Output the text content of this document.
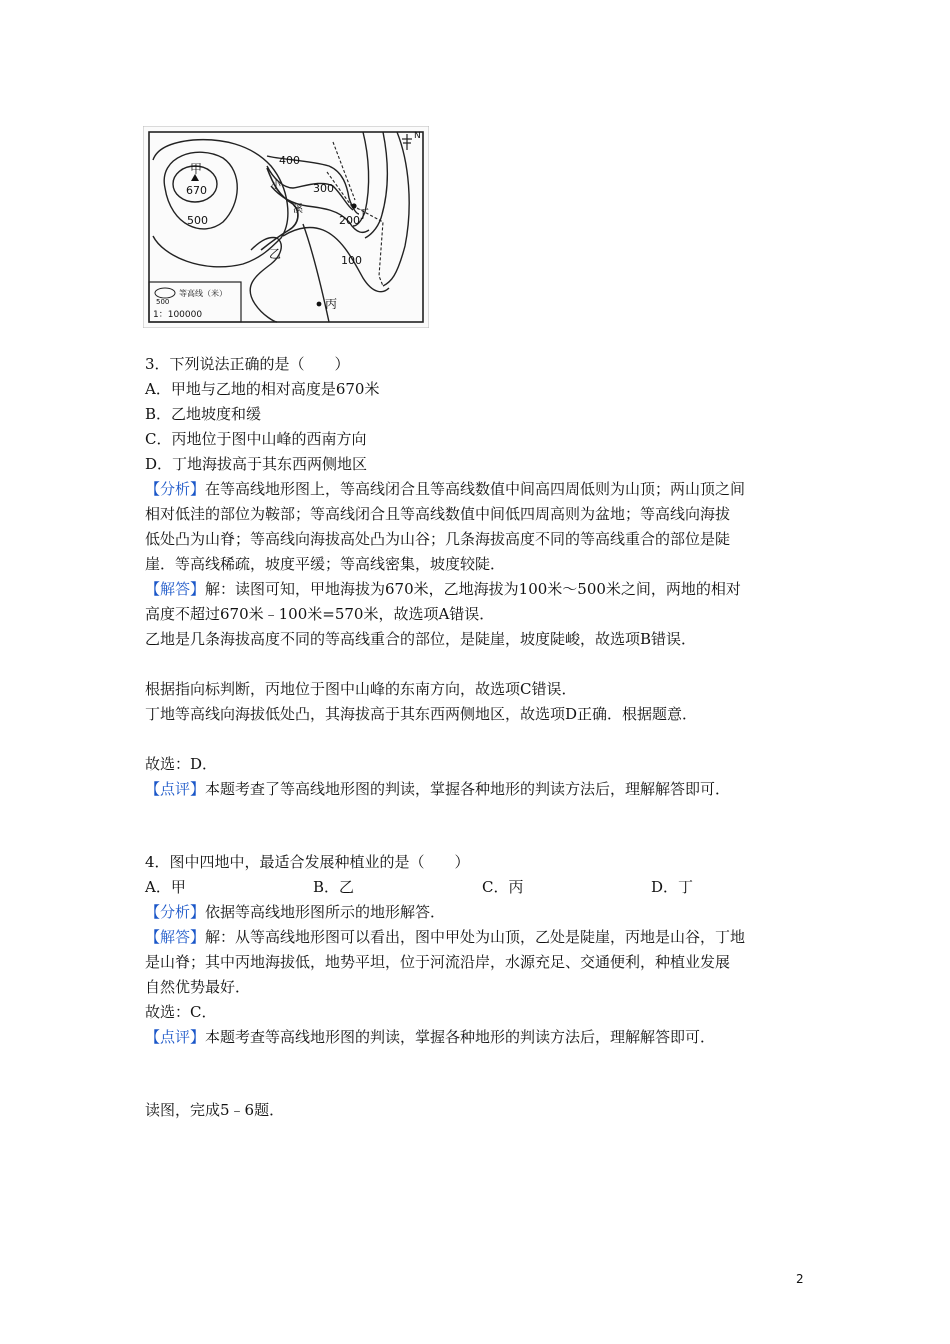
甲
670
乙
丙
丁
N
小
溪
400
300
200
100
500
等高线（米）
500
1：100000
3．下列说法正确的是（　　）
A．甲地与乙地的相对高度是670米
B．乙地坡度和缓
C．丙地位于图中山峰的西南方向
D．丁地海拔高于其东西两侧地区
【分析】在等高线地形图上，等高线闭合且等高线数值中间高四周低则为山顶；两山顶之间
相对低洼的部位为鞍部；等高线闭合且等高线数值中间低四周高则为盆地；等高线向海拔
低处凸为山脊；等高线向海拔高处凸为山谷；几条海拔高度不同的等高线重合的部位是陡
崖．等高线稀疏，坡度平缓；等高线密集，坡度较陡．
【解答】解：读图可知，甲地海拔为670米，乙地海拔为100米～500米之间，两地的相对
高度不超过670米﹣100米=570米，故选项A错误．
乙地是几条海拔高度不同的等高线重合的部位，是陡崖，坡度陡峻，故选项B错误．
根据指向标判断，丙地位于图中山峰的东南方向，故选项C错误．
丁地等高线向海拔低处凸，其海拔高于其东西两侧地区，故选项D正确．根据题意．
故选：D．
【点评】本题考查了等高线地形图的判读，掌握各种地形的判读方法后，理解解答即可．
4．图中四地中，最适合发展种植业的是（　　）
A．甲	B．乙	C．丙	D．丁
【分析】依据等高线地形图所示的地形解答．
【解答】解：从等高线地形图可以看出，图中甲处为山顶，乙处是陡崖，丙地是山谷，丁地
是山脊；其中丙地海拔低，地势平坦，位于河流沿岸，水源充足、交通便利，种植业发展
自然优势最好．
故选：C．
【点评】本题考查等高线地形图的判读，掌握各种地形的判读方法后，理解解答即可．
读图，完成5﹣6题．
2
